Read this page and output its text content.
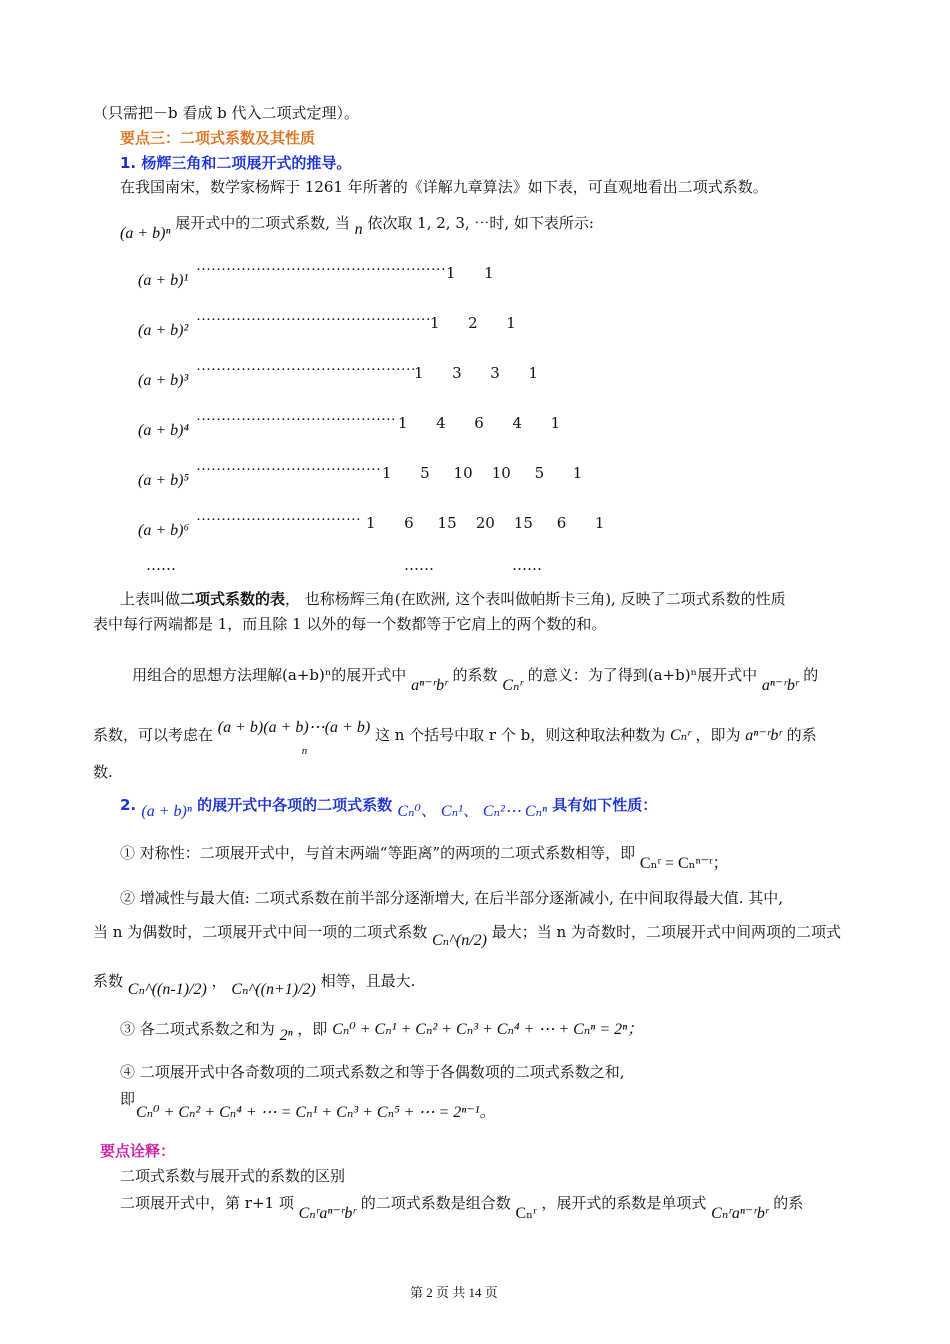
（只需把－b 看成 b 代入二项式定理）。
要点三：二项式系数及其性质
1. 杨辉三角和二项展开式的推导。
在我国南宋，数学家杨辉于 1261 年所著的《详解九章算法》如下表，可直观地看出二项式系数。
(a + b)ⁿ 展开式中的二项式系数, 当 n 依次取 1, 2, 3, ⋯时, 如下表所示:
(a + b)¹
·················································· 1      1
(a + b)²
··············································· 1      2      1
(a + b)³
············································
1      3      3      1
(a + b)⁴
········································ 1      4      6      4      1
(a + b)⁵
····································· 1      5     10    10     5      1
(a + b)⁶
································· 1      6     15    20    15     6      1
……	……	……
上表叫做二项式系数的表， 也称杨辉三角(在欧洲, 这个表叫做帕斯卡三角), 反映了二项式系数的性质
表中每行两端都是 1，而且除 1 以外的每一个数都等于它肩上的两个数的和。
用组合的思想方法理解(a+b)ⁿ的展开式中 aⁿ⁻ʳbʳ 的系数 Cₙʳ 的意义：为了得到(a+b)ⁿ展开式中 aⁿ⁻ʳbʳ 的
系数，可以考虑在 (a + b)(a + b)⋯(a + b)
n
这 n 个括号中取 r 个 b，则这种取法种数为 Cₙʳ ，即为 aⁿ⁻ʳbʳ 的系
数.
2. (a + b)ⁿ 的展开式中各项的二项式系数 Cₙ⁰、 Cₙ¹、 Cₙ²⋯ Cₙⁿ 具有如下性质：
① 对称性：二项展开式中，与首末两端“等距离”的两项的二项式系数相等，即 Cₙʳ = Cₙⁿ⁻ʳ；
② 增减性与最大值: 二项式系数在前半部分逐渐增大, 在后半部分逐渐减小, 在中间取得最大值. 其中,
当 n 为偶数时，二项展开式中间一项的二项式系数 Cₙ^(n/2) 最大；当 n 为奇数时，二项展开式中间两项的二项式
系数 Cₙ^((n-1)/2) ， Cₙ^((n+1)/2) 相等，且最大.
③ 各二项式系数之和为 2ⁿ ，即 Cₙ⁰ + Cₙ¹ + Cₙ² + Cₙ³ + Cₙ⁴ + ⋯ + Cₙⁿ = 2ⁿ；
④ 二项展开式中各奇数项的二项式系数之和等于各偶数项的二项式系数之和,
即
Cₙ⁰ + Cₙ² + Cₙ⁴ + ⋯ = Cₙ¹ + Cₙ³ + Cₙ⁵ + ⋯ = 2ⁿ⁻¹。
要点诠释：
二项式系数与展开式的系数的区别
二项展开式中，第 r+1 项 Cₙʳaⁿ⁻ʳbʳ 的二项式系数是组合数 Cₙʳ ，展开式的系数是单项式 Cₙʳaⁿ⁻ʳbʳ 的系
第 2 页 共 14 页
